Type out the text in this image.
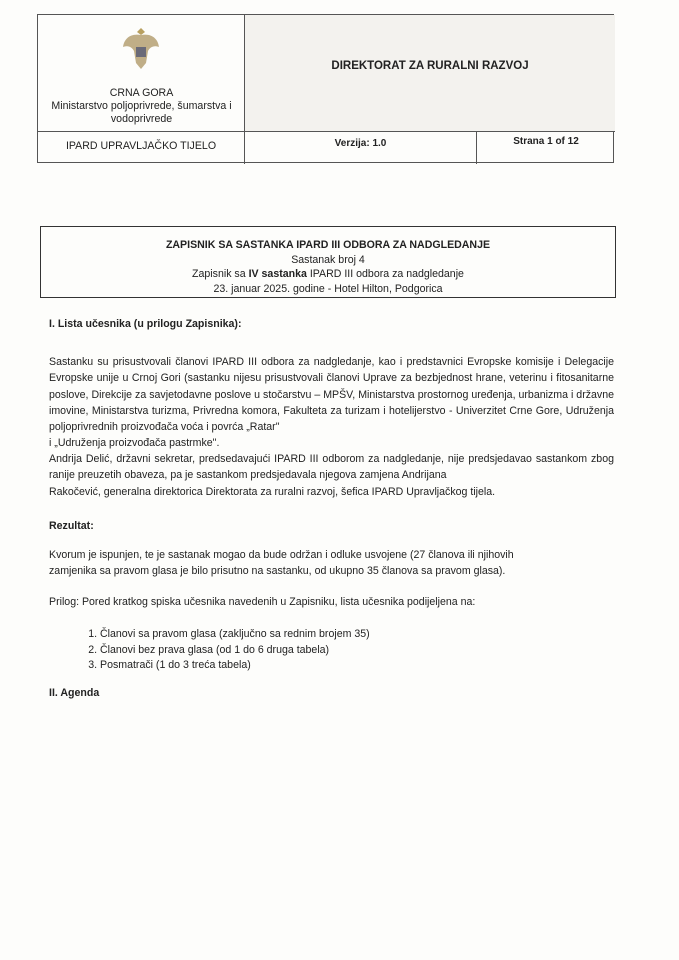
CRNA GORA
Ministarstvo poljoprivrede, šumarstva i vodoprivrede
DIREKTORAT ZA RURALNI RAZVOJ
IPARD UPRAVLJAČKO TIJELO	Verzija: 1.0	Strana 1 of 12
ZAPISNIK SA SASTANKA IPARD III ODBORA ZA NADGLEDANJE
Sastanak broj 4
Zapisnik sa IV sastanka IPARD III odbora za nadgledanje
23. januar 2025. godine - Hotel Hilton, Podgorica
I. Lista učesnika (u prilogu Zapisnika):
Sastanku su prisustvovali članovi IPARD III odbora za nadgledanje, kao i predstavnici Evropske komisije i Delegacije Evropske unije u Crnoj Gori (sastanku nijesu prisustvovali članovi Uprave za bezbjednost hrane, veterinu i fitosanitarne poslove, Direkcije za savjetodavne poslove u stočarstvu – MPŠV, Ministarstva prostornog uređenja, urbanizma i državne imovine, Ministarstva turizma, Privredna komora, Fakulteta za turizam i hotelijerstvo - Univerzitet Crne Gore, Udruženja poljoprivrednih proizvođača voća i povrća „Ratar"
i „Udruženja proizvođača pastrmke".
Andrija Delić, državni sekretar, predsedavajući IPARD III odborom za nadgledanje, nije predsjedavao sastankom zbog ranije preuzetih obaveza, pa je sastankom predsjedavala njegova zamjena Andrijana
Rakočević, generalna direktorica Direktorata za ruralni razvoj, šefica IPARD Upravljačkog tijela.
Rezultat:
Kvorum je ispunjen, te je sastanak mogao da bude održan i odluke usvojene (27 članova ili njihovih
zamjenika sa pravom glasa je bilo prisutno na sastanku, od ukupno 35 članova sa pravom glasa).
Prilog: Pored kratkog spiska učesnika navedenih u Zapisniku, lista učesnika podijeljena na:
1. Članovi sa pravom glasa (zaključno sa rednim brojem 35)
2. Članovi bez prava glasa (od 1 do 6 druga tabela)
3. Posmatrači (1 do 3 treća tabela)
II. Agenda
